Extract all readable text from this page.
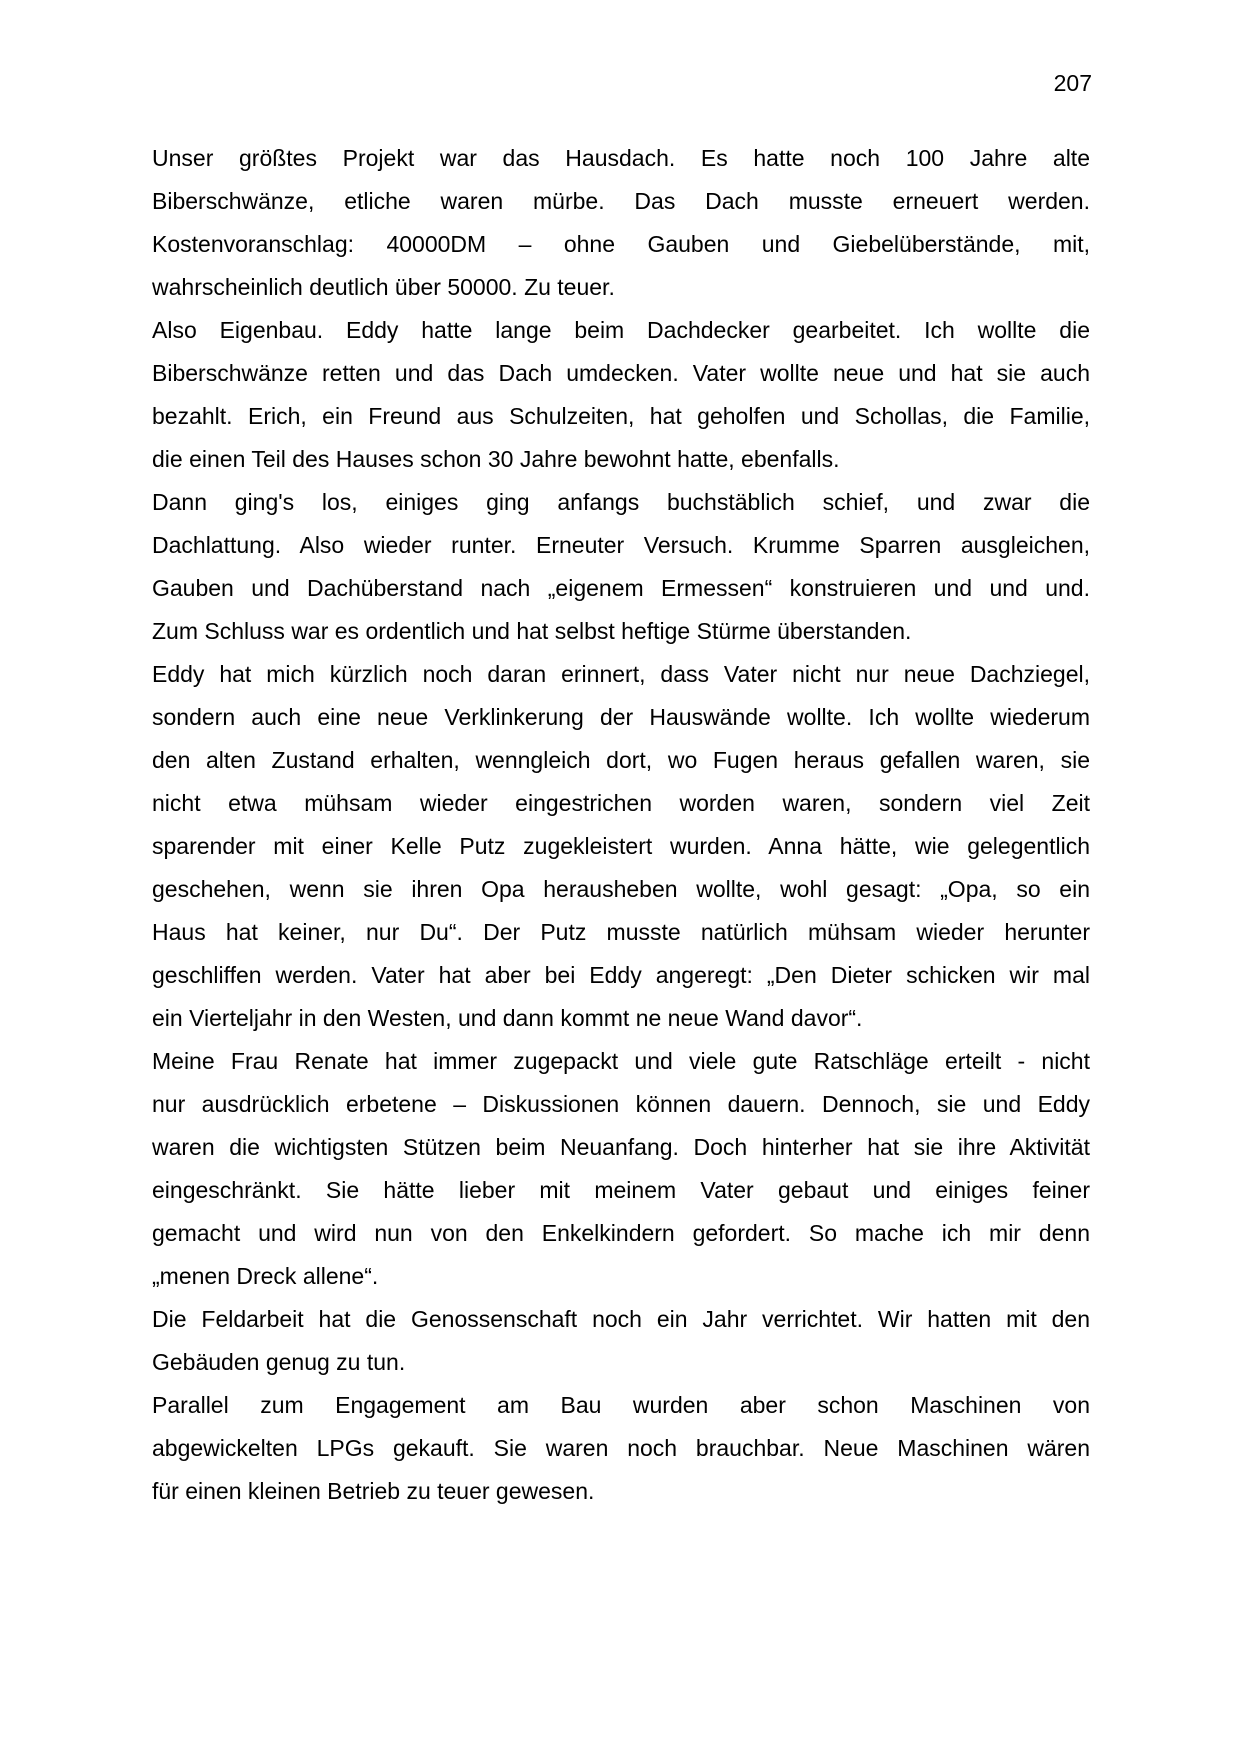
207
Unser größtes Projekt war das Hausdach. Es hatte noch 100 Jahre alte
Biberschwänze, etliche waren mürbe. Das Dach musste erneuert werden.
Kostenvoranschlag: 40000DM – ohne Gauben und Giebelüberstände, mit,
wahrscheinlich deutlich über 50000. Zu teuer.
Also Eigenbau. Eddy hatte lange beim Dachdecker gearbeitet. Ich wollte die
Biberschwänze retten und das Dach umdecken. Vater wollte neue und hat sie auch
bezahlt. Erich, ein Freund aus Schulzeiten, hat geholfen und Schollas, die Familie,
die einen Teil des Hauses schon 30 Jahre bewohnt hatte, ebenfalls.
Dann ging's los, einiges ging anfangs buchstäblich schief, und zwar die
Dachlattung. Also wieder runter. Erneuter Versuch. Krumme Sparren ausgleichen,
Gauben und Dachüberstand nach „eigenem Ermessen“ konstruieren und und und.
Zum Schluss war es ordentlich und hat selbst heftige Stürme überstanden.
Eddy hat mich kürzlich noch daran erinnert, dass Vater nicht nur neue Dachziegel,
sondern auch eine neue Verklinkerung der Hauswände wollte. Ich wollte wiederum
den alten Zustand erhalten, wenngleich dort, wo Fugen heraus gefallen waren, sie
nicht etwa mühsam wieder eingestrichen worden waren, sondern viel Zeit
sparender mit einer Kelle Putz zugekleistert wurden. Anna hätte, wie gelegentlich
geschehen, wenn sie ihren Opa herausheben wollte, wohl gesagt: „Opa, so ein
Haus hat keiner, nur Du“. Der Putz musste natürlich mühsam wieder herunter
geschliffen werden. Vater hat aber bei Eddy angeregt: „Den Dieter schicken wir mal
ein Vierteljahr in den Westen, und dann kommt ne neue Wand davor“.
Meine Frau Renate hat immer zugepackt und viele gute Ratschläge erteilt - nicht
nur ausdrücklich erbetene – Diskussionen können dauern. Dennoch, sie und Eddy
waren die wichtigsten Stützen beim Neuanfang. Doch hinterher hat sie ihre Aktivität
eingeschränkt. Sie hätte lieber mit meinem Vater gebaut und einiges feiner
gemacht und wird nun von den Enkelkindern gefordert. So mache ich mir denn
„menen Dreck allene“.
Die Feldarbeit hat die Genossenschaft noch ein Jahr verrichtet. Wir hatten mit den
Gebäuden genug zu tun.
Parallel zum Engagement am Bau wurden aber schon Maschinen von
abgewickelten LPGs gekauft. Sie waren noch brauchbar. Neue Maschinen wären
für einen kleinen Betrieb zu teuer gewesen.
